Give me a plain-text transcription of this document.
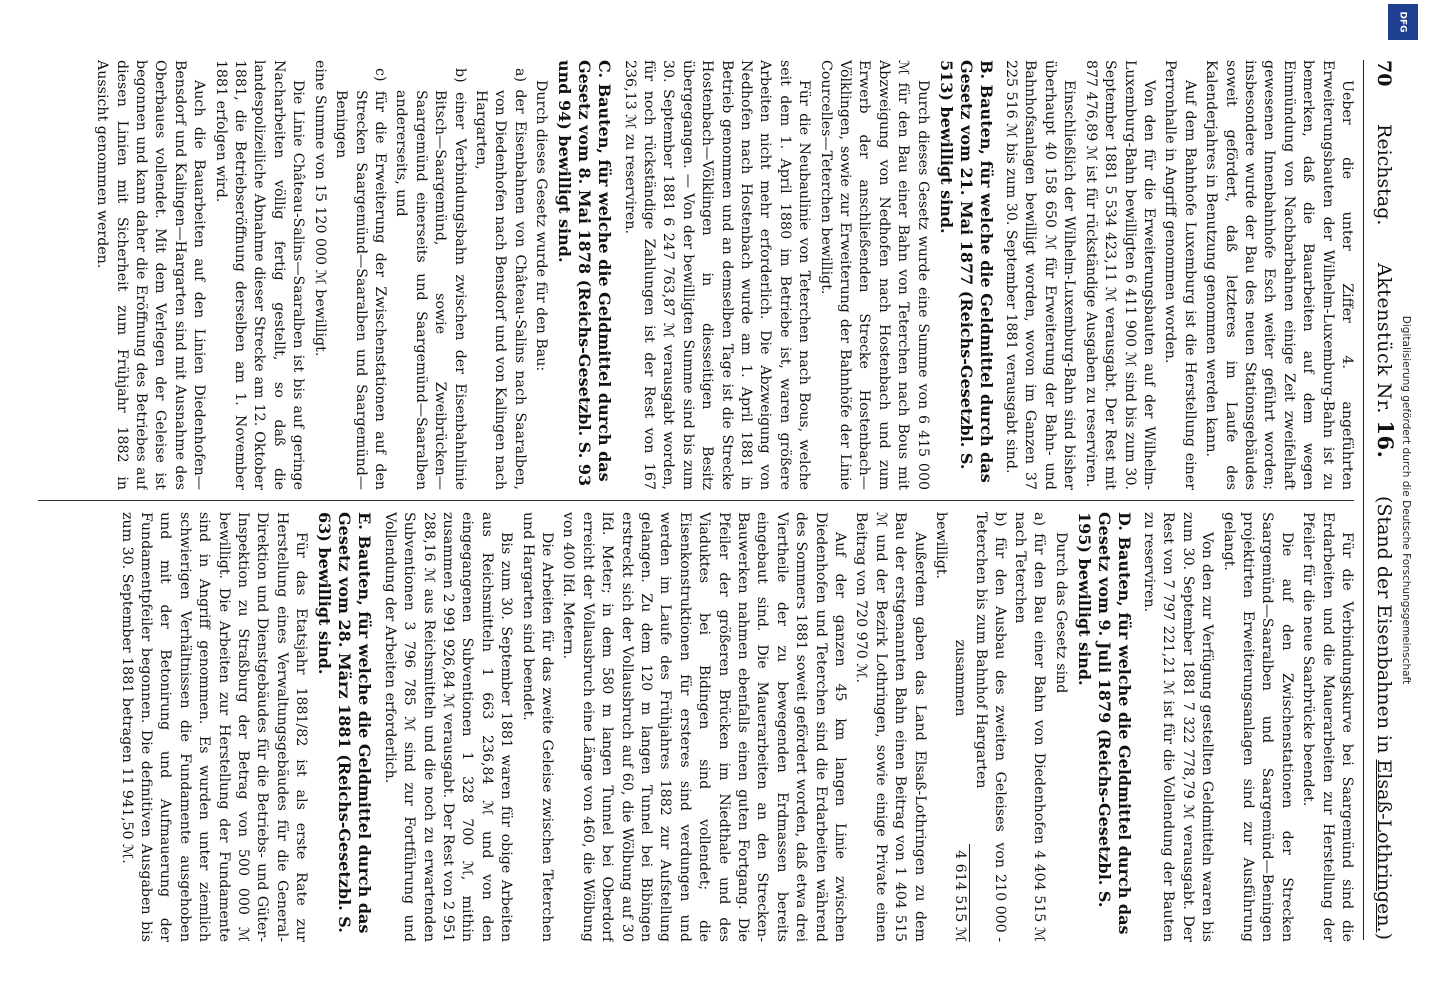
70
Reichstag.
Aktenstück Nr. 16.
(Stand der Eisenbahnen in Elsaß-Lothringen.)

Ueber die unter Ziffer 4. angeführten Erweiterungsbauten der Wilhelm-Luxemburg-Bahn ist zu bemerken, daß die Bauarbeiten auf dem wegen Einmündung von Nachbarbahnen einige Zeit zweifelhaft gewesenen Innenbahnhofe Esch weiter geführt worden; insbesondere wurde der Bau des neuen Stationsgebäudes soweit gefördert, daß letzteres im Laufe des Kalenderjahres in Benutzung genommen werden kann.

Auf dem Bahnhofe Luxemburg ist die Herstellung einer Perronhalle in Angriff genommen worden.

Von den für die Erweiterungsbauten auf der Wilhelm-Luxemburg-Bahn bewilligten 6 411 900 ℳ sind bis zum 30. September 1881 5 534 423,11 ℳ verausgabt. Der Rest mit 877 476,89 ℳ ist für rückständige Ausgaben zu reserviren.

Einschließlich der Wilhelm-Luxemburg-Bahn sind bisher überhaupt 40 158 650 ℳ für Erweiterung der Bahn- und Bahnhofsanlagen bewilligt worden, wovon im Ganzen 37 225 516 ℳ bis zum 30. September 1881 verausgabt sind.

B. Bauten, für welche die Geldmittel durch das Gesetz vom 21. Mai 1877 (Reichs-Gesetzbl. S. 513) bewilligt sind.

Durch dieses Gesetz wurde eine Summe von 6 415 000 ℳ für den Bau einer Bahn von Teterchen nach Bous mit Abzweigung von Nedhofen nach Hostenbach und zum Erwerb der anschließenden Strecke Hostenbach—Völklingen, sowie zur Erweiterung der Bahnhöfe der Linie Courcelles—Teterchen bewilligt.

Für die Neubaulinie von Teterchen nach Bous, welche seit dem 1. April 1880 im Betriebe ist, waren größere Arbeiten nicht mehr erforderlich. Die Abzweigung von Nedhofen nach Hostenbach wurde am 1. April 1881 in Betrieb genommen und an demselben Tage ist die Strecke Hostenbach—Völklingen in diesseitigen Besitz übergegangen. — Von der bewilligten Summe sind bis zum 30. September 1881 6 247 763,87 ℳ verausgabt worden, für noch rückständige Zahlungen ist der Rest von 167 236,13 ℳ zu reserviren.

C. Bauten, für welche die Geldmittel durch das Gesetz vom 8. Mai 1878 (Reichs-Gesetzbl. S. 93 und 94) bewilligt sind.

Durch dieses Gesetz wurde für den Bau:

a) der Eisenbahnen von Château-Salins nach Saaralben, von Diedenhofen nach Bensdorf und von Kalingen nach Hargarten,

b) einer Verbindungsbahn zwischen der Eisenbahnlinie Bitsch—Saargemünd, sowie Zweibrücken—Saargemünd einerseits und Saargemünd—Saaralben andererseits, und

c) für die Erweiterung der Zwischenstationen auf den Strecken Saargemünd—Saaralben und Saargemünd—Beningen

eine Summe von 15 120 000 ℳ bewilligt.

Die Linie Château-Salins—Saaralben ist bis auf geringe Nacharbeiten völlig fertig gestellt, so daß die landespolizeiliche Abnahme dieser Strecke am 12. Oktober 1881, die Betriebseröffnung derselben am 1. November 1881 erfolgen wird.

Auch die Bauarbeiten auf den Linien Diedenhofen—Bensdorf und Kalingen—Hargarten sind mit Ausnahme des Oberbaues vollendet. Mit dem Verlegen der Geleise ist begonnen und kann daher die Eröffnung des Betriebes auf diesen Linien mit Sicherheit zum Frühjahr 1882 in Aussicht genommen werden.

Für die Verbindungskurve bei Saargemünd sind die Erdarbeiten und die Mauerarbeiten zur Herstellung der Pfeiler für die neue Saarbrücke beendet.

Die auf den Zwischenstationen der Strecken Saargemünd—Saaralben und Saargemünd—Beningen projektirten Erweiterungsanlagen sind zur Ausführung gelangt.

Von den zur Verfügung gestellten Geldmitteln waren bis zum 30. September 1881 7 322 778,79 ℳ verausgabt. Der Rest von 7 797 221,21 ℳ ist für die Vollendung der Bauten zu reserviren.

D. Bauten, für welche die Geldmittel durch das Gesetz vom 9. Juli 1879 (Reichs-Gesetzbl. S. 195) bewilligt sind.

Durch das Gesetz sind

a) für den Bau einer Bahn von Diedenhofen nach Teterchen
4 404 515 ℳ
b) für den Ausbau des zweiten Geleises von Teterchen bis zum Bahnhof Hargarten
210 000 -
zusammen
4 614 515 ℳ

bewilligt.

Außerdem gaben das Land Elsaß-Lothringen zu dem Bau der erstgenannten Bahn einen Beitrag von 1 404 515 ℳ und der Bezirk Lothringen, sowie einige Private einen Beitrag von 720 970 ℳ.

Auf der ganzen 45 km langen Linie zwischen Diedenhofen und Teterchen sind die Erdarbeiten während des Sommers 1881 soweit gefördert worden, daß etwa drei Viertheile der zu bewegenden Erdmassen bereits eingebaut sind. Die Mauerarbeiten an den Strecken-Bauwerken nahmen ebenfalls einen guten Fortgang. Die Pfeiler der größeren Brücken im Niedthale und des Viaduktes bei Bidingen sind vollendet; die Eisenkonstruktionen für ersteres sind verdungen und werden im Laufe des Frühjahres 1882 zur Aufstellung gelangen. Zu dem 120 m langen Tunnel bei Bibingen erstreckt sich der Vollausbruch auf 60, die Wölbung auf 30 lfd. Meter; in dem 580 m langen Tunnel bei Oberdorf erreicht der Vollausbruch eine Länge von 460, die Wölbung von 400 lfd. Metern.

Die Arbeiten für das zweite Geleise zwischen Teterchen und Hargarten sind beendet.

Bis zum 30. September 1881 waren für obige Arbeiten aus Reichsmitteln 1 663 236,84 ℳ und von den eingegangenen Subventionen 1 328 700 ℳ, mithin zusammen 2 991 926,84 ℳ verausgabt. Der Rest von 2 951 288,16 ℳ aus Reichsmitteln und die noch zu erwartenden Subventionen 3 796 785 ℳ sind zur Fortführung und Vollendung der Arbeiten erforderlich.

E. Bauten, für welche die Geldmittel durch das Gesetz vom 28. März 1881 (Reichs-Gesetzbl. S. 63) bewilligt sind.

Für das Etatsjahr 1881/82 ist als erste Rate zur Herstellung eines Verwaltungsgebäudes für die General-Direktion und Dienstgebäudes für die Betriebs- und Güter-Inspektion zu Straßburg der Betrag von 500 000 ℳ bewilligt. Die Arbeiten zur Herstellung der Fundamente sind in Angriff genommen. Es wurden unter ziemlich schwierigen Verhältnissen die Fundamente ausgehoben und mit der Betonirung und Aufmauerung der Fundamentpfeiler begonnen. Die definitiven Ausgaben bis zum 30. September 1881 betragen 11 941,50 ℳ.

DFG
Digitalisierung gefördert durch die Deutsche Forschungsgemeinschaft
